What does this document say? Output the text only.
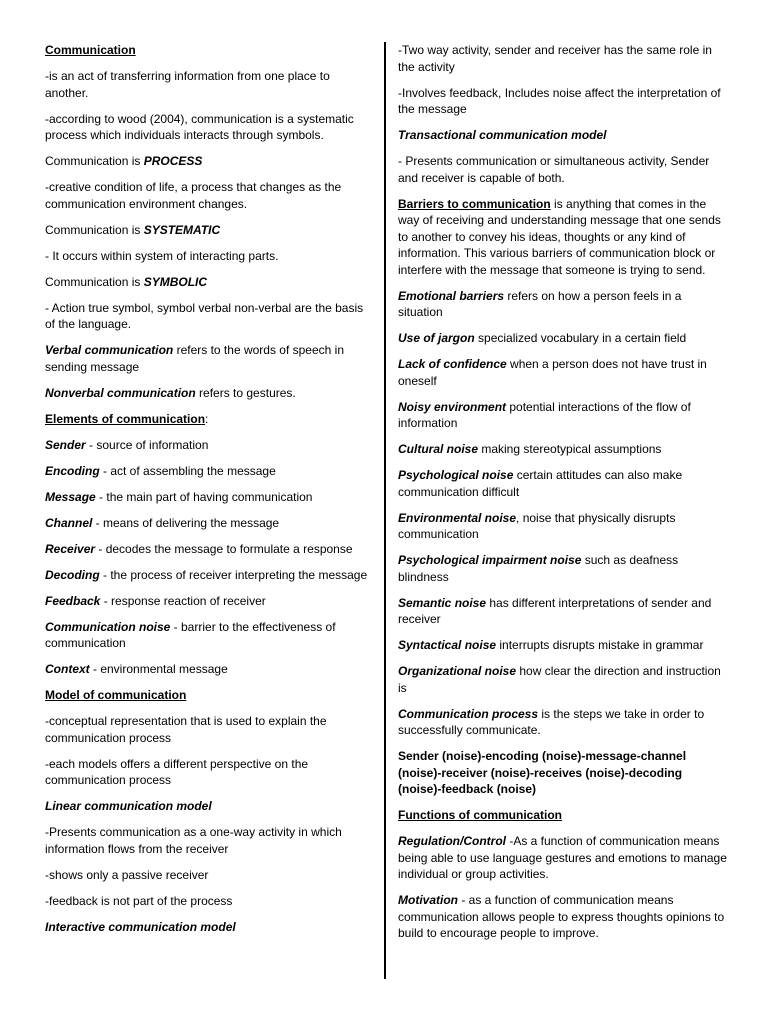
Communication

-is an act of transferring information from one place to another.

-according to wood (2004), communication is a systematic process which individuals interacts through symbols.

Communication is PROCESS

-creative condition of life, a process that changes as the communication environment changes.

Communication is SYSTEMATIC

- It occurs within system of interacting parts.

Communication is SYMBOLIC

- Action true symbol, symbol verbal non-verbal are the basis of the language.

Verbal communication refers to the words of speech in sending message

Nonverbal communication refers to gestures.

Elements of communication:

Sender - source of information

Encoding - act of assembling the message

Message - the main part of having communication

Channel - means of delivering the message

Receiver - decodes the message to formulate a response

Decoding - the process of receiver interpreting the message

Feedback - response reaction of receiver

Communication noise - barrier to the effectiveness of communication

Context - environmental message

Model of communication

-conceptual representation that is used to explain the communication process

-each models offers a different perspective on the communication process

Linear communication model

-Presents communication as a one-way activity in which information flows from the receiver

-shows only a passive receiver

-feedback is not part of the process

Interactive communication model

-Two way activity, sender and receiver has the same role in the activity

-Involves feedback, Includes noise affect the interpretation of the message

Transactional communication model

- Presents communication or simultaneous activity, Sender and receiver is capable of both.

Barriers to communication is anything that comes in the way of receiving and understanding message that one sends to another to convey his ideas, thoughts or any kind of information. This various barriers of communication block or interfere with the message that someone is trying to send.

Emotional barriers refers on how a person feels in a situation

Use of jargon specialized vocabulary in a certain field

Lack of confidence when a person does not have trust in oneself

Noisy environment potential interactions of the flow of information

Cultural noise making stereotypical assumptions

Psychological noise certain attitudes can also make communication difficult

Environmental noise, noise that physically disrupts communication

Psychological impairment noise such as deafness blindness

Semantic noise has different interpretations of sender and receiver

Syntactical noise interrupts disrupts mistake in grammar

Organizational noise how clear the direction and instruction is

Communication process is the steps we take in order to successfully communicate.

Sender (noise)-encoding (noise)-message-channel (noise)-receiver (noise)-receives (noise)-decoding (noise)-feedback (noise)

Functions of communication

Regulation/Control -As a function of communication means being able to use language gestures and emotions to manage individual or group activities.

Motivation - as a function of communication means communication allows people to express thoughts opinions to build to encourage people to improve.
